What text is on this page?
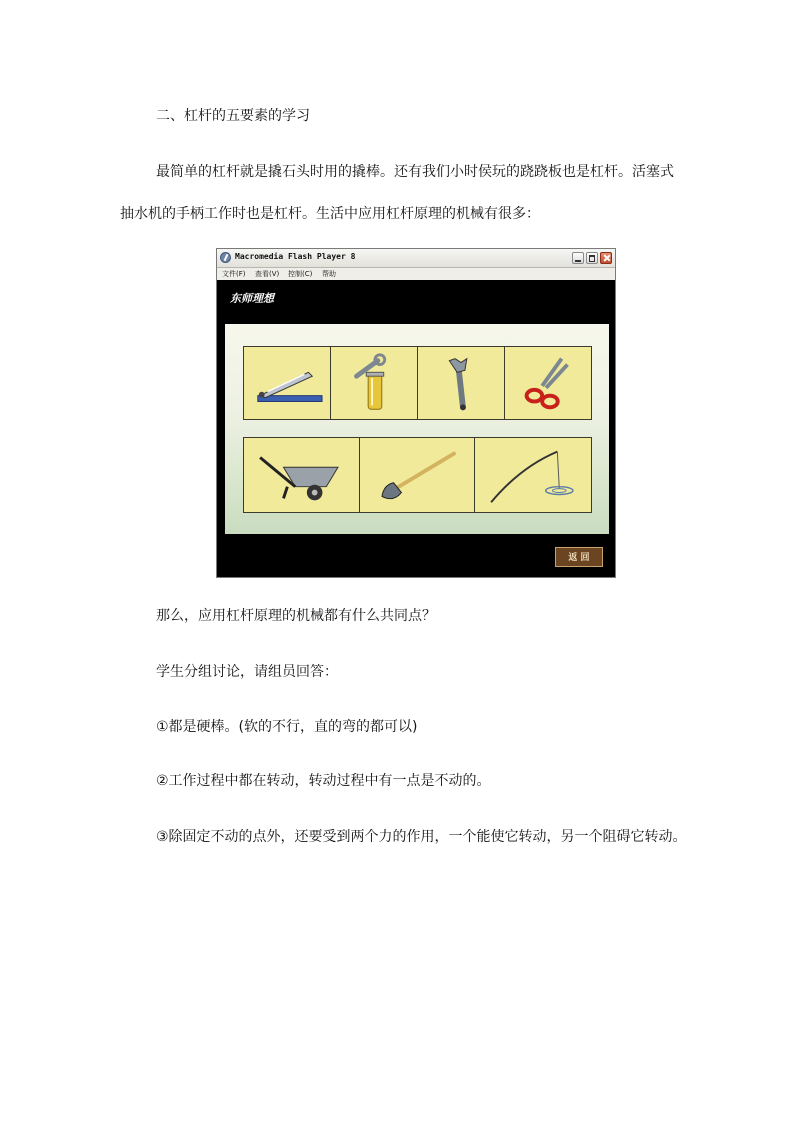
二、杠杆的五要素的学习

最简单的杠杆就是撬石头时用的撬棒。还有我们小时侯玩的跷跷板也是杠杆。活塞式

抽水机的手柄工作时也是杠杆。生活中应用杠杆原理的机械有很多：

Macromedia Flash Player 8
文件(F) 查看(V) 控制(C) 帮助
东师理想
返 回

那么，应用杠杆原理的机械都有什么共同点？

学生分组讨论，请组员回答：

①都是硬棒。(软的不行，直的弯的都可以)

②工作过程中都在转动，转动过程中有一点是不动的。

③除固定不动的点外，还要受到两个力的作用，一个能使它转动，另一个阻碍它转动。
